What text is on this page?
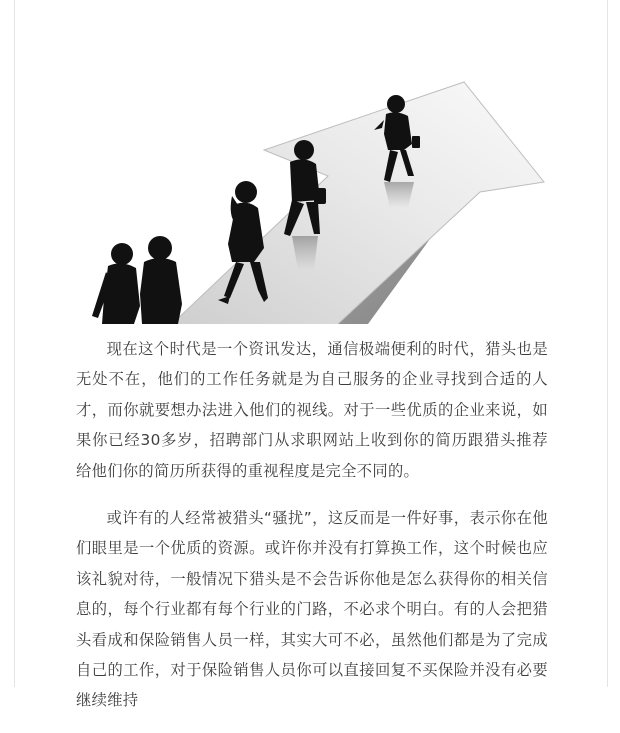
现在这个时代是一个资讯发达，通信极端便利的时代，猎头也是无处不在，他们的工作任务就是为自己服务的企业寻找到合适的人才，而你就要想办法进入他们的视线。对于一些优质的企业来说，如果你已经30多岁，招聘部门从求职网站上收到你的简历跟猎头推荐给他们你的简历所获得的重视程度是完全不同的。

或许有的人经常被猎头“骚扰”，这反而是一件好事，表示你在他们眼里是一个优质的资源。或许你并没有打算换工作，这个时候也应该礼貌对待，一般情况下猎头是不会告诉你他是怎么获得你的相关信息的，每个行业都有每个行业的门路，不必求个明白。有的人会把猎头看成和保险销售人员一样，其实大可不必，虽然他们都是为了完成自己的工作，对于保险销售人员你可以直接回复不买保险并没有必要继续维持
